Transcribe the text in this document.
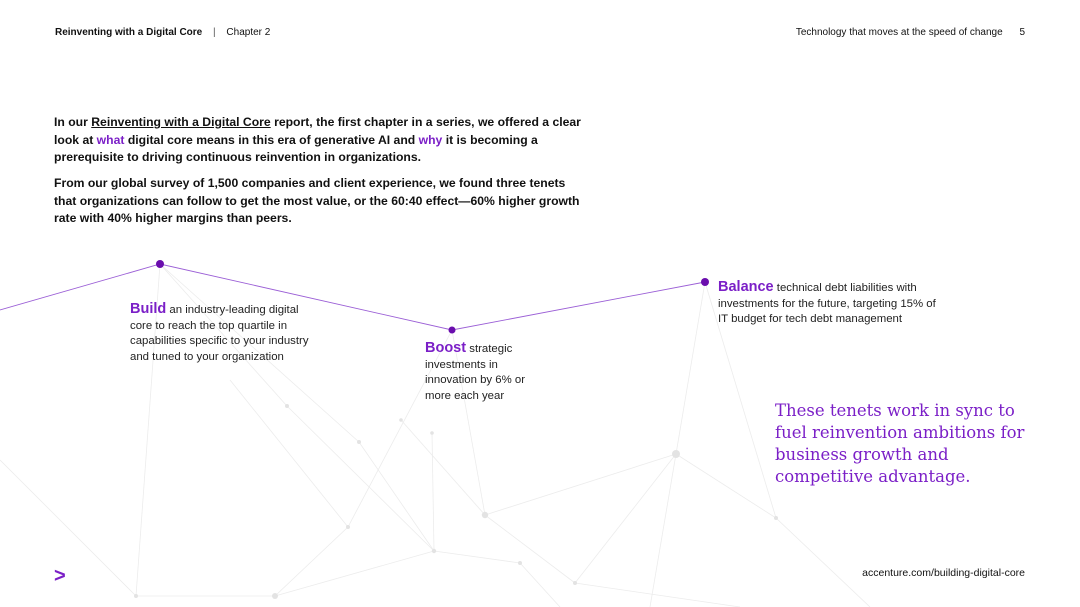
Reinventing with a Digital Core | Chapter 2	Technology that moves at the speed of change 5

In our Reinventing with a Digital Core report, the first chapter in a series, we offered a clear look at what digital core means in this era of generative AI and why it is becoming a prerequisite to driving continuous reinvention in organizations.

From our global survey of 1,500 companies and client experience, we found three tenets that organizations can follow to get the most value, or the 60:40 effect—60% higher growth rate with 40% higher margins than peers.

Build an industry-leading digital core to reach the top quartile in capabilities specific to your industry and tuned to your organization
Boost strategic investments in innovation by 6% or more each year
Balance technical debt liabilities with investments for the future, targeting 15% of IT budget for tech debt management
These tenets work in sync to fuel reinvention ambitions for business growth and competitive advantage.
>	accenture.com/building-digital-core
